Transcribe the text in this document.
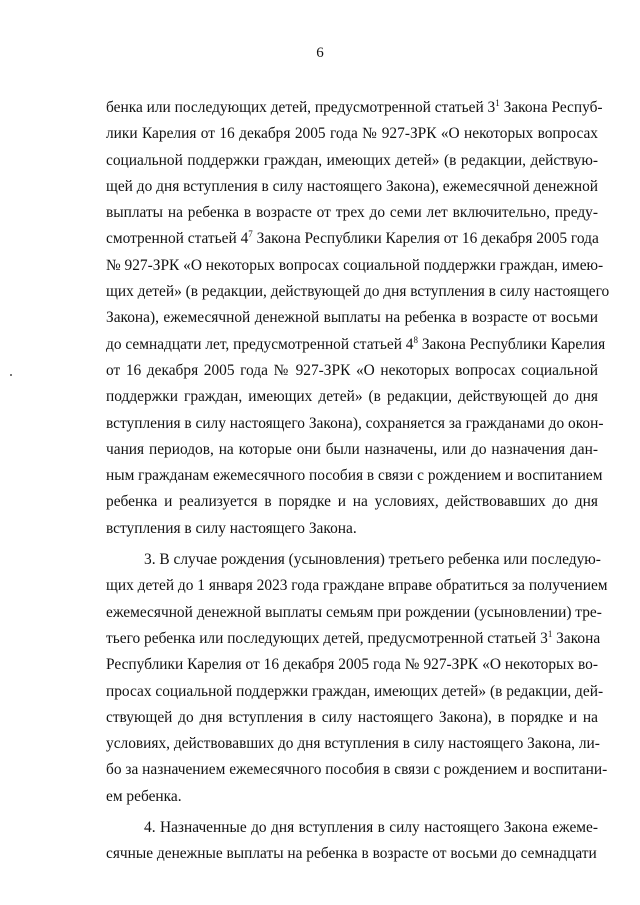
6
бенка или последующих детей, предусмотренной статьей $3^1$ Закона Респуб-
лики Карелия от 16 декабря 2005 года № 927-ЗРК «О некоторых вопросах
социальной поддержки граждан, имеющих детей» (в редакции, действую-
щей до дня вступления в силу настоящего Закона), ежемесячной денежной
выплаты на ребенка в возрасте от трех до семи лет включительно, преду-
смотренной статьей $4^7$ Закона Республики Карелия от 16 декабря 2005 года
№ 927-ЗРК «О некоторых вопросах социальной поддержки граждан, имею-
щих детей» (в редакции, действующей до дня вступления в силу настоящего
Закона), ежемесячной денежной выплаты на ребенка в возрасте от восьми
до семнадцати лет, предусмотренной статьей $4^8$ Закона Республики Карелия
от 16 декабря 2005 года № 927-ЗРК «О некоторых вопросах социальной
поддержки граждан, имеющих детей» (в редакции, действующей до дня
вступления в силу настоящего Закона), сохраняется за гражданами до окон-
чания периодов, на которые они были назначены, или до назначения дан-
ным гражданам ежемесячного пособия в связи с рождением и воспитанием
ребенка и реализуется в порядке и на условиях, действовавших до дня
вступления в силу настоящего Закона.
3. В случае рождения (усыновления) третьего ребенка или последую-
щих детей до 1 января 2023 года граждане вправе обратиться за получением
ежемесячной денежной выплаты семьям при рождении (усыновлении) тре-
тьего ребенка или последующих детей, предусмотренной статьей $3^1$ Закона
Республики Карелия от 16 декабря 2005 года № 927-ЗРК «О некоторых во-
просах социальной поддержки граждан, имеющих детей» (в редакции, дей-
ствующей до дня вступления в силу настоящего Закона), в порядке и на
условиях, действовавших до дня вступления в силу настоящего Закона, ли-
бо за назначением ежемесячного пособия в связи с рождением и воспитани-
ем ребенка.
4. Назначенные до дня вступления в силу настоящего Закона ежеме-
сячные денежные выплаты на ребенка в возрасте от восьми до семнадцати
